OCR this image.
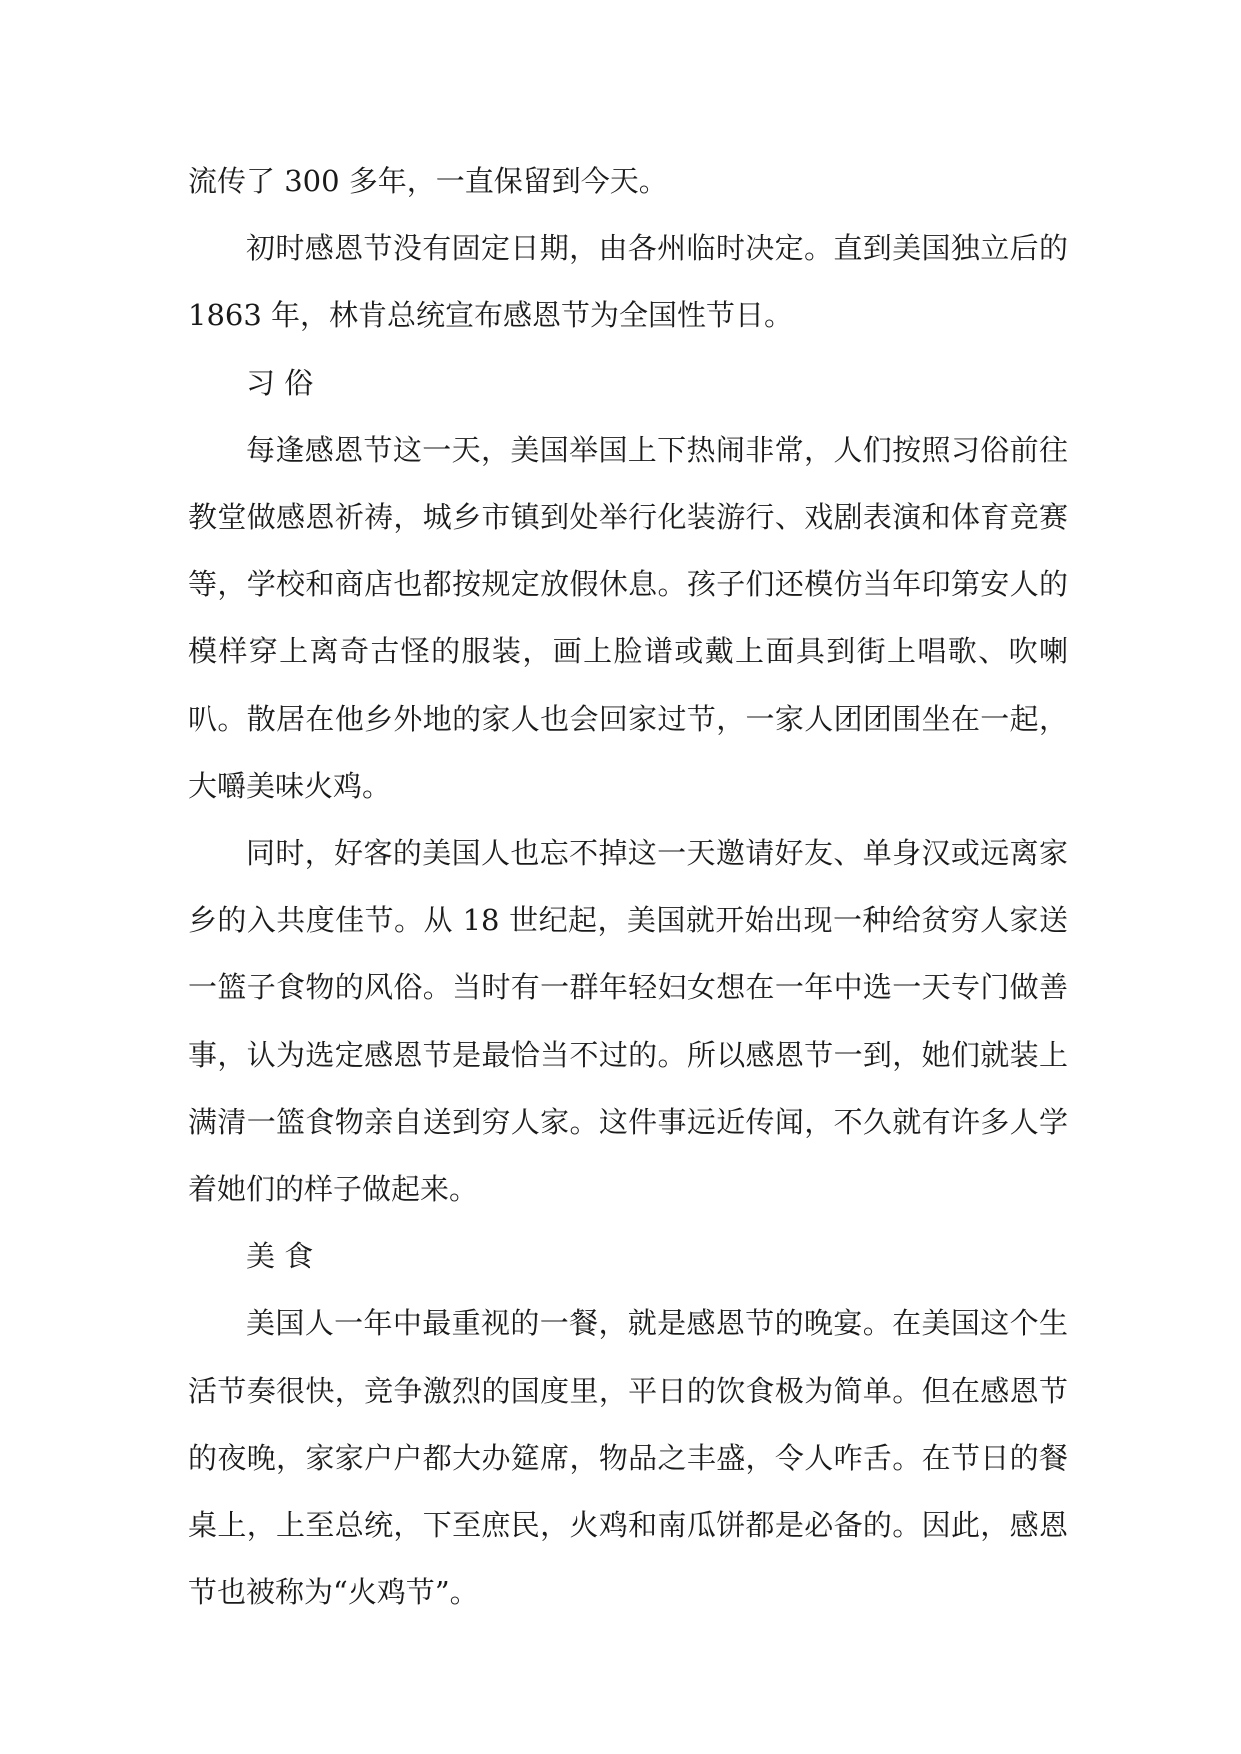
流传了 300 多年，一直保留到今天。

初时感恩节没有固定日期，由各州临时决定。直到美国独立后的 1863 年，林肯总统宣布感恩节为全国性节日。

习 俗

每逢感恩节这一天，美国举国上下热闹非常，人们按照习俗前往教堂做感恩祈祷，城乡市镇到处举行化装游行、戏剧表演和体育竞赛等，学校和商店也都按规定放假休息。孩子们还模仿当年印第安人的模样穿上离奇古怪的服装，画上脸谱或戴上面具到街上唱歌、吹喇叭。散居在他乡外地的家人也会回家过节，一家人团团围坐在一起，大嚼美味火鸡。

同时，好客的美国人也忘不掉这一天邀请好友、单身汉或远离家乡的入共度佳节。从 18 世纪起，美国就开始出现一种给贫穷人家送一篮子食物的风俗。当时有一群年轻妇女想在一年中选一天专门做善事，认为选定感恩节是最恰当不过的。所以感恩节一到，她们就装上满清一篮食物亲自送到穷人家。这件事远近传闻，不久就有许多人学着她们的样子做起来。

美 食

美国人一年中最重视的一餐，就是感恩节的晚宴。在美国这个生活节奏很快，竞争激烈的国度里，平日的饮食极为简单。但在感恩节的夜晚，家家户户都大办筵席，物品之丰盛，令人咋舌。在节日的餐桌上，上至总统，下至庶民，火鸡和南瓜饼都是必备的。因此，感恩节也被称为“火鸡节”。
